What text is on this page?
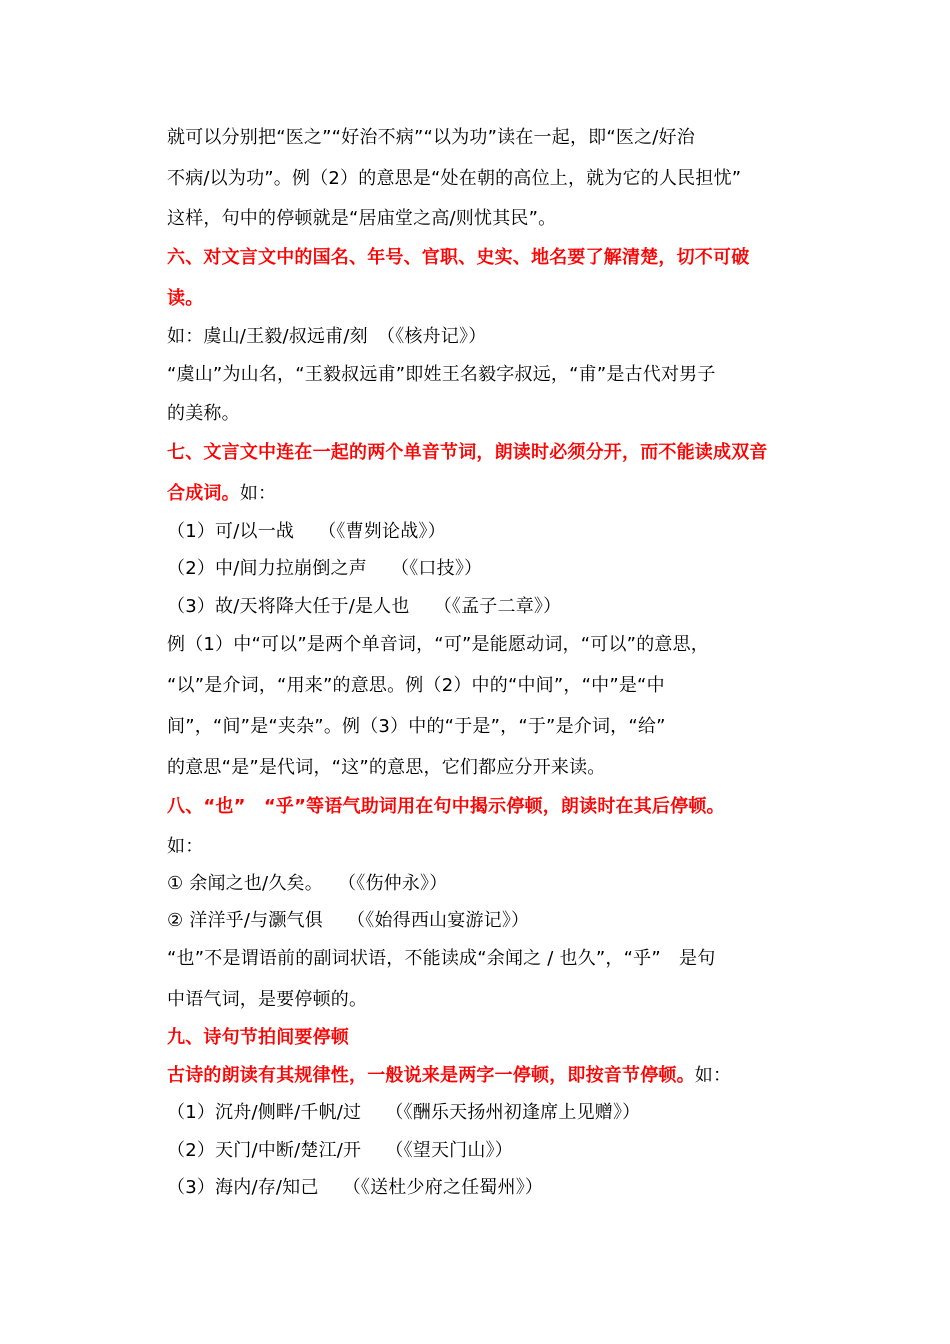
就可以分别把“医之”“好治不病”“以为功”读在一起，即“医之/好治
不病/以为功”。例（2）的意思是“处在朝的高位上，就为它的人民担忧”
这样，句中的停顿就是“居庙堂之高/则忧其民”。
六、对文言文中的国名、年号、官职、史实、地名要了解清楚，切不可破
读。
如：虞山/王毅/叔远甫/刻　（《核舟记》）
“虞山”为山名，“王毅叔远甫”即姓王名毅字叔远，“甫”是古代对男子
的美称。
七、文言文中连在一起的两个单音节词，朗读时必须分开，而不能读成双音
合成词。如：
（1）可/以一战　 （《曹刿论战》）
（2）中/间力拉崩倒之声　 （《口技》）
（3）故/天将降大任于/是人也　 （《孟子二章》）
例（1）中“可以”是两个单音词，“可”是能愿动词，“可以”的意思，
“以”是介词，“用来”的意思。例（2）中的“中间”，“中”是“中
间”，“间”是“夹杂”。例（3）中的“于是”，“于”是介词，“给”
的意思“是”是代词，“这”的意思，它们都应分开来读。
八、“也”　“乎”等语气助词用在句中揭示停顿，朗读时在其后停顿。
如：
① 余闻之也/久矣。　 （《伤仲永》）
② 洋洋乎/与灏气俱　 （《始得西山宴游记》）
“也”不是谓语前的副词状语，不能读成“余闻之 / 也久”，“乎”　是句
中语气词，是要停顿的。
九、诗句节拍间要停顿
古诗的朗读有其规律性，一般说来是两字一停顿，即按音节停顿。如：
（1）沉舟/侧畔/千帆/过　 （《酬乐天扬州初逢席上见赠》）
（2）天门/中断/楚江/开　 （《望天门山》）
（3）海内/存/知己　 （《送杜少府之任蜀州》）
